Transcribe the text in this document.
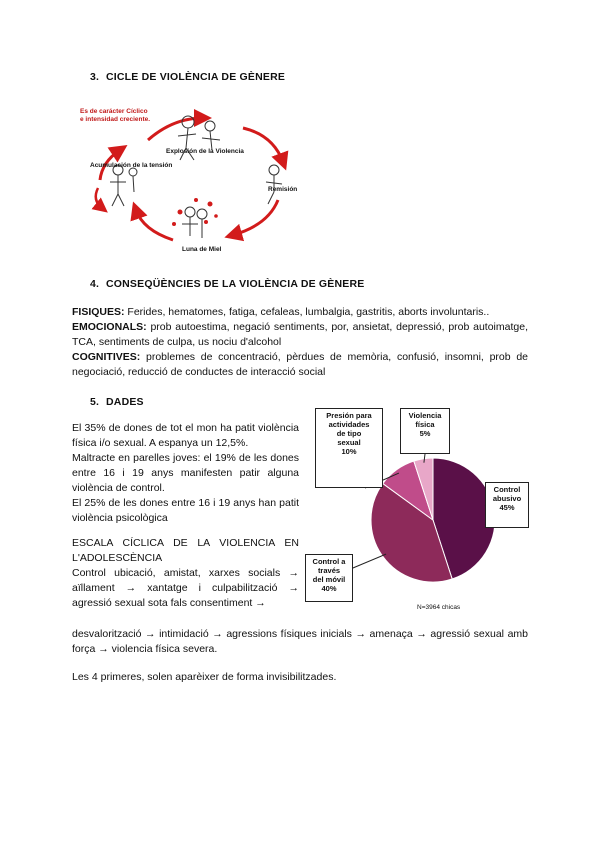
3. CICLE DE VIOLÈNCIA DE GÈNERE
Es de carácter Cíclico
e intensidad creciente.
Explosión de la Violencia
Acumulación de la tensión
Remisión
Luna de Miel
4. CONSEQÜÈNCIES DE LA VIOLÈNCIA DE GÈNERE
FISIQUES: Ferides, hematomes, fatiga, cefaleas, lumbalgia, gastritis, aborts involuntaris..
EMOCIONALS: prob autoestima, negació sentiments, por, ansietat, depressió, prob autoimatge, TCA, sentiments de culpa, us nociu d'alcohol
COGNITIVES: problemes de concentració, pèrdues de memòria, confusió, insomni, prob de negociació, reducció de conductes de interacció social
5. DADES
El 35% de dones de tot el mon ha patit violència física i/o sexual. A espanya un 12,5%.
Maltracte en parelles joves: el 19% de les dones entre 16 i 19 anys manifesten patir alguna violència de control.
El 25% de les dones entre 16 i 19 anys han patit violència psicològica
ESCALA CÍCLICA DE LA VIOLENCIA EN L'ADOLESCÈNCIA
Control ubicació, amistat, xarxes socials → aïllament → xantatge i culpabilització → agressió sexual sota fals consentiment →
desvalorització → intimidació → agressions físiques inicials → amenaça → agressió sexual amb força → violencia física severa.
Les 4 primeres, solen aparèixer de forma invisibilitzades.
Presión para
actividades
de tipo
sexual
10%
Violencia
física
5%
Control
abusivo
45%
Control a
través
del móvil
40%
N=3964 chicas
